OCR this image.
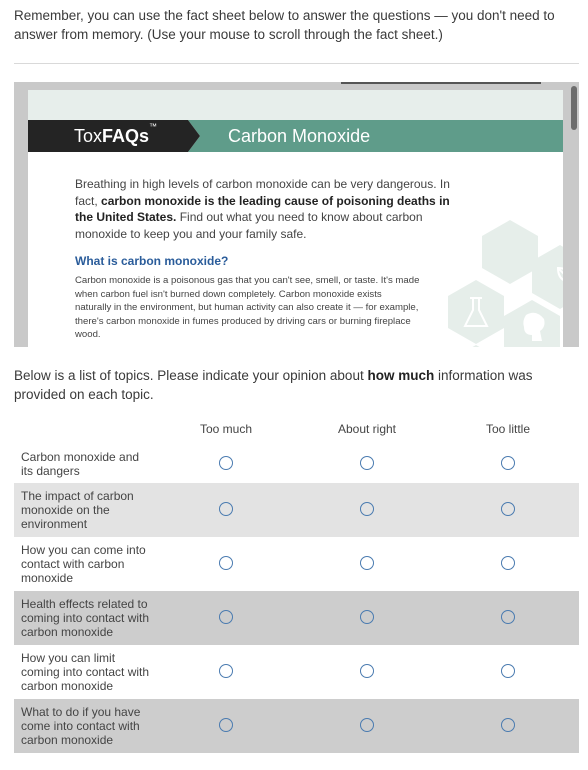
Remember, you can use the fact sheet below to answer the questions — you don't need to answer from memory. (Use your mouse to scroll through the fact sheet.)
ToxFAQs™	Carbon Monoxide
Breathing in high levels of carbon monoxide can be very dangerous. In fact, carbon monoxide is the leading cause of poisoning deaths in the United States. Find out what you need to know about carbon monoxide to keep you and your family safe.
What is carbon monoxide?
Carbon monoxide is a poisonous gas that you can't see, smell, or taste. It's made when carbon fuel isn't burned down completely. Carbon monoxide exists naturally in the environment, but human activity can also create it — for example, there's carbon monoxide in fumes produced by driving cars or burning fireplace wood.
Below is a list of topics. Please indicate your opinion about how much information was provided on each topic.
Too much	About right	Too little
Carbon monoxide and its dangers
The impact of carbon monoxide on the environment
How you can come into contact with carbon monoxide
Health effects related to coming into contact with carbon monoxide
How you can limit coming into contact with carbon monoxide
What to do if you have come into contact with carbon monoxide
